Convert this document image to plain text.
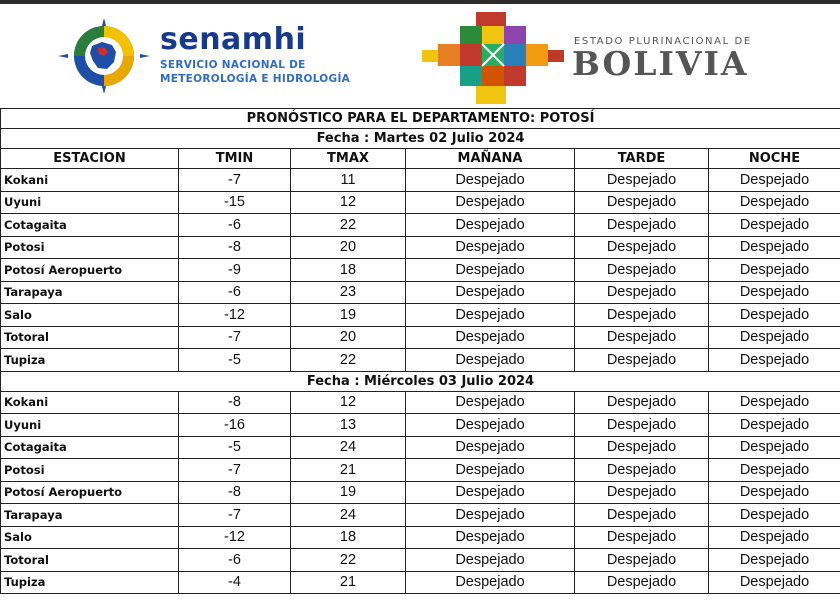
senamhi
SERVICIO NACIONAL DE
METEOROLOGÍA E HIDROLOGÍA
ESTADO PLURINACIONAL DE
BOLIVIA
PRONÓSTICO PARA EL DEPARTAMENTO: POTOSÍ					
Fecha : Martes 02 Julio 2024					
ESTACION	TMIN	TMAX	MAÑANA	TARDE	NOCHE
Kokani	-7	11	Despejado	Despejado	Despejado
Uyuni	-15	12	Despejado	Despejado	Despejado
Cotagaita	-6	22	Despejado	Despejado	Despejado
Potosi	-8	20	Despejado	Despejado	Despejado
Potosí Aeropuerto	-9	18	Despejado	Despejado	Despejado
Tarapaya	-6	23	Despejado	Despejado	Despejado
Salo	-12	19	Despejado	Despejado	Despejado
Totoral	-7	20	Despejado	Despejado	Despejado
Tupiza	-5	22	Despejado	Despejado	Despejado
Fecha : Miércoles 03 Julio 2024					
Kokani	-8	12	Despejado	Despejado	Despejado
Uyuni	-16	13	Despejado	Despejado	Despejado
Cotagaita	-5	24	Despejado	Despejado	Despejado
Potosi	-7	21	Despejado	Despejado	Despejado
Potosí Aeropuerto	-8	19	Despejado	Despejado	Despejado
Tarapaya	-7	24	Despejado	Despejado	Despejado
Salo	-12	18	Despejado	Despejado	Despejado
Totoral	-6	22	Despejado	Despejado	Despejado
Tupiza	-4	21	Despejado	Despejado	Despejado
